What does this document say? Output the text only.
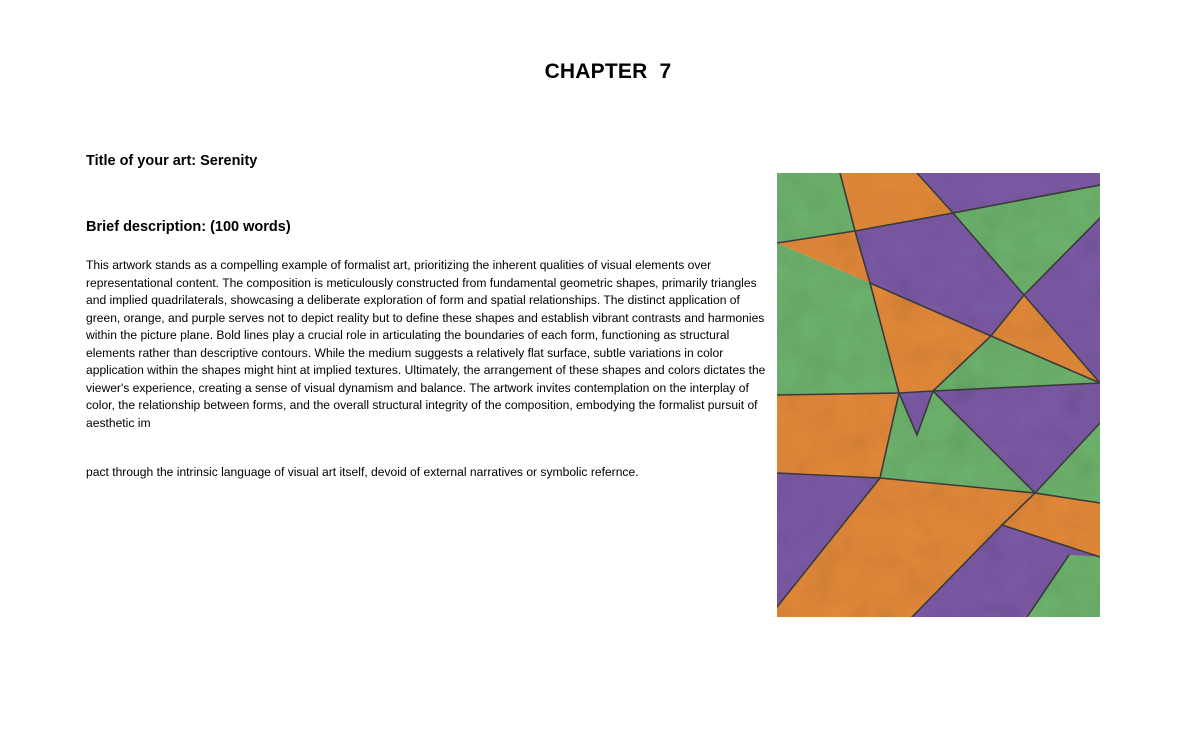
CHAPTER  7

Title of your art: Serenity

Brief description: (100 words)

This artwork stands as a compelling example of formalist art, prioritizing the inherent qualities of visual elements over representational content. The composition is meticulously constructed from fundamental geometric shapes, primarily triangles and implied quadrilaterals, showcasing a deliberate exploration of form and spatial relationships. The distinct application of green, orange, and purple serves not to depict reality but to define these shapes and establish vibrant contrasts and harmonies within the picture plane. Bold lines play a crucial role in articulating the boundaries of each form, functioning as structural elements rather than descriptive contours. While the medium suggests a relatively flat surface, subtle variations in color application within the shapes might hint at implied textures. Ultimately, the arrangement of these shapes and colors dictates the viewer's experience, creating a sense of visual dynamism and balance. The artwork invites contemplation on the interplay of color, the relationship between forms, and the overall structural integrity of the composition, embodying the formalist pursuit of aesthetic im

pact through the intrinsic language of visual art itself, devoid of external narratives or symbolic refernce.
